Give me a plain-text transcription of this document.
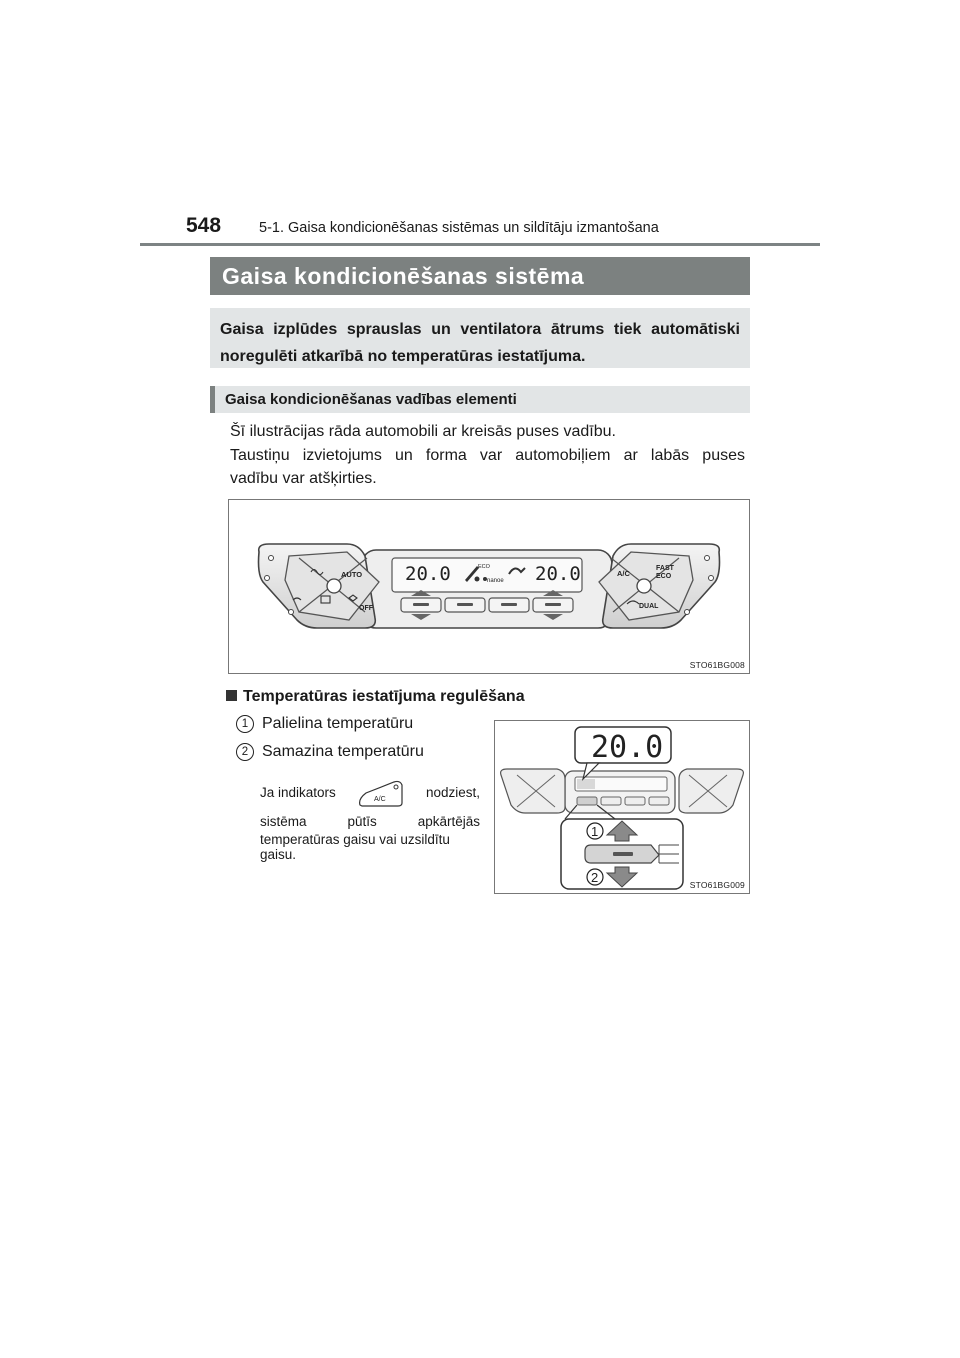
548	5-1. Gaisa kondicionēšanas sistēmas un sildītāju izmantošana
Gaisa kondicionēšanas sistēma
Gaisa izplūdes sprauslas un ventilatora ātrums tiek automātiski noregulēti atkarībā no temperatūras iestatījuma.
Gaisa kondicionēšanas vadības elementi

Šī ilustrācijas rāda automobili ar kreisās puses vadību.

Taustiņu izvietojums un forma var automobiļiem ar labās puses

vadību var atšķirties.

20.0	20.0
ECO
nanoe
AUTO
OFF
A/C
FAST
ECO
DUAL
STO61BG008
Temperatūras iestatījuma regulēšana
1 Palielina temperatūru
2 Samazina temperatūru
Ja indikators	A/C	nodziest,
sistēma pūtīs apkārtējās
temperatūras gaisu vai uzsildītu gaisu.
20.0
1
2	STO61BG009
